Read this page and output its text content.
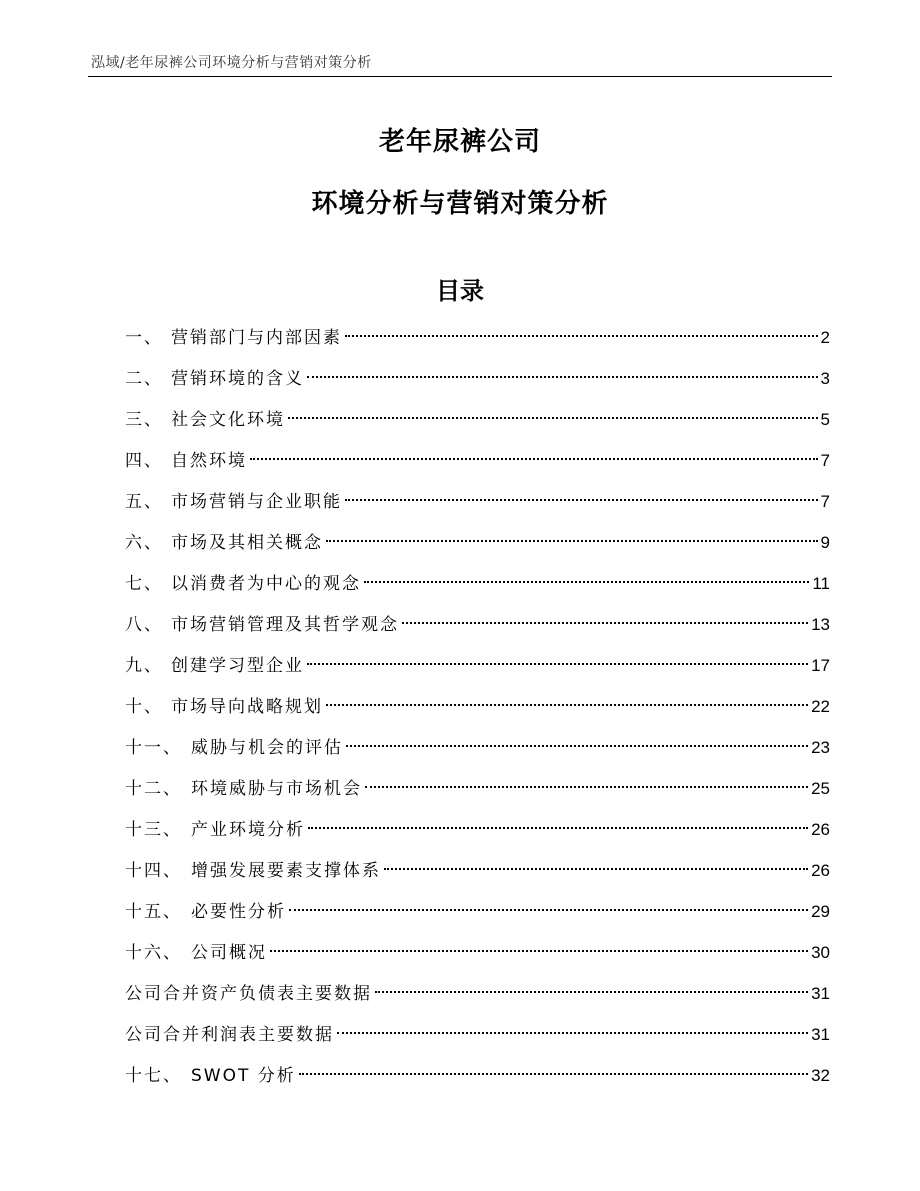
泓域/老年尿裤公司环境分析与营销对策分析
老年尿裤公司
环境分析与营销对策分析
目录
一、 营销部门与内部因素	2
二、 营销环境的含义	3
三、 社会文化环境	5
四、 自然环境	7
五、 市场营销与企业职能	7
六、 市场及其相关概念	9
七、 以消费者为中心的观念	11
八、 市场营销管理及其哲学观念	13
九、 创建学习型企业	17
十、 市场导向战略规划	22
十一、 威胁与机会的评估	23
十二、 环境威胁与市场机会	25
十三、 产业环境分析	26
十四、 增强发展要素支撑体系	26
十五、 必要性分析	29
十六、 公司概况	30
公司合并资产负债表主要数据	31
公司合并利润表主要数据	31
十七、 SWOT 分析	32
